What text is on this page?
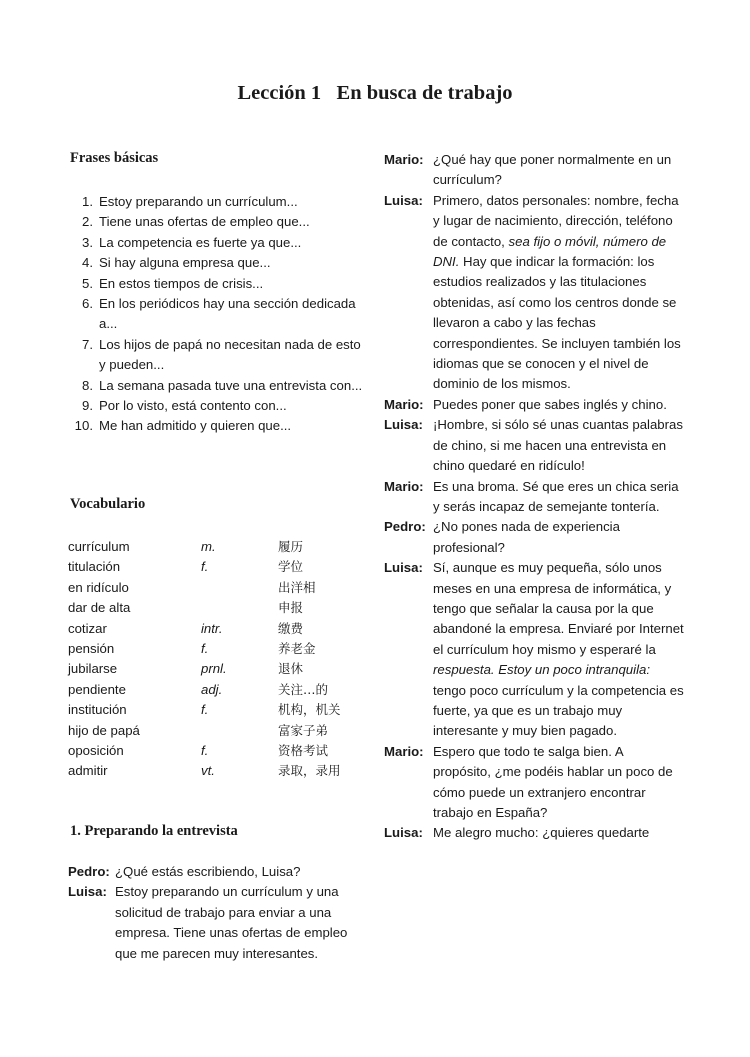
Lección 1   En busca de trabajo
Frases básicas
1. Estoy preparando un currículum...
2. Tiene unas ofertas de empleo que...
3. La competencia es fuerte ya que...
4. Si hay alguna empresa que...
5. En estos tiempos de crisis...
6. En los periódicos hay una sección dedicada a...
7. Los hijos de papá no necesitan nada de esto y pueden...
8. La semana pasada tuve una entrevista con...
9. Por lo visto, está contento con...
10. Me han admitido y quieren que...
Vocabulario
currículum	m.	履历
titulación	f.	学位
en ridículo	出洋相
dar de alta	申报
cotizar	intr.	缴费
pensión	f.	养老金
jubilarse	prnl.	退休
pendiente	adj.	关注…的
institución	f.	机构，机关
hijo de papá	富家子弟
oposición	f.	资格考试
admitir	vt.	录取，录用
1. Preparando la entrevista
Pedro: ¿Qué estás escribiendo, Luisa?
Luisa: Estoy preparando un currículum y una solicitud de trabajo para enviar a una empresa. Tiene unas ofertas de empleo que me parecen muy interesantes.
Mario: ¿Qué hay que poner normalmente en un currículum?
Luisa: Primero, datos personales: nombre, fecha y lugar de nacimiento, dirección, teléfono de contacto, sea fijo o móvil, número de DNI. Hay que indicar la formación: los estudios realizados y las titulaciones obtenidas, así como los centros donde se llevaron a cabo y las fechas correspondientes. Se incluyen también los idiomas que se conocen y el nivel de dominio de los mismos.
Mario: Puedes poner que sabes inglés y chino.
Luisa: ¡Hombre, si sólo sé unas cuantas palabras de chino, si me hacen una entrevista en chino quedaré en ridículo!
Mario: Es una broma. Sé que eres un chica seria y serás incapaz de semejante tontería.
Pedro: ¿No pones nada de experiencia profesional?
Luisa: Sí, aunque es muy pequeña, sólo unos meses en una empresa de informática, y tengo que señalar la causa por la que abandoné la empresa. Enviaré por Internet el currículum hoy mismo y esperaré la respuesta. Estoy un poco intranquila: tengo poco currículum y la competencia es fuerte, ya que es un trabajo muy interesante y muy bien pagado.
Mario: Espero que todo te salga bien. A propósito, ¿me podéis hablar un poco de cómo puede un extranjero encontrar trabajo en España?
Luisa: Me alegro mucho: ¿quieres quedarte
